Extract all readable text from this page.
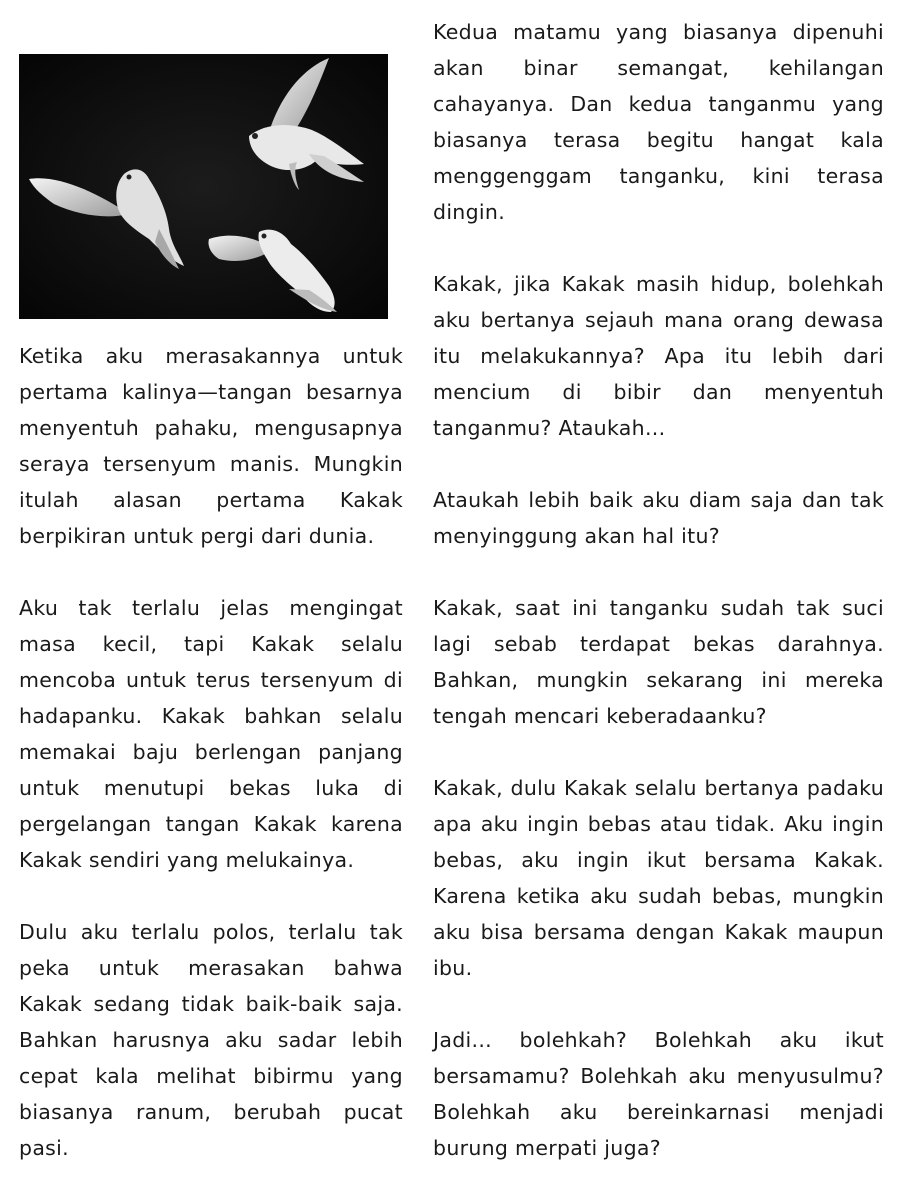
Ketika aku merasakannya untuk pertama kalinya—tangan besarnya menyentuh pahaku, mengusapnya seraya tersenyum manis. Mungkin itulah alasan pertama Kakak berpikiran untuk pergi dari dunia.

Aku tak terlalu jelas mengingat masa kecil, tapi Kakak selalu mencoba untuk terus tersenyum di hadapanku. Kakak bahkan selalu memakai baju berlengan panjang untuk menutupi bekas luka di pergelangan tangan Kakak karena Kakak sendiri yang melukainya.

Dulu aku terlalu polos, terlalu tak peka untuk merasakan bahwa Kakak sedang tidak baik-baik saja. Bahkan harusnya aku sadar lebih cepat kala melihat bibirmu yang biasanya ranum, berubah pucat pasi.

Kedua matamu yang biasanya dipenuhi akan binar semangat, kehilangan cahayanya. Dan kedua tanganmu yang biasanya terasa begitu hangat kala menggenggam tanganku, kini terasa dingin.

Kakak, jika Kakak masih hidup, bolehkah aku bertanya sejauh mana orang dewasa itu melakukannya? Apa itu lebih dari mencium di bibir dan menyentuh tanganmu? Ataukah...

Ataukah lebih baik aku diam saja dan tak menyinggung akan hal itu?

Kakak, saat ini tanganku sudah tak suci lagi sebab terdapat bekas darahnya. Bahkan, mungkin sekarang ini mereka tengah mencari keberadaanku?

Kakak, dulu Kakak selalu bertanya padaku apa aku ingin bebas atau tidak. Aku ingin bebas, aku ingin ikut bersama Kakak. Karena ketika aku sudah bebas, mungkin aku bisa bersama dengan Kakak maupun ibu.

Jadi... bolehkah? Bolehkah aku ikut bersamamu? Bolehkah aku menyusulmu? Bolehkah aku bereinkarnasi menjadi burung merpati juga?
